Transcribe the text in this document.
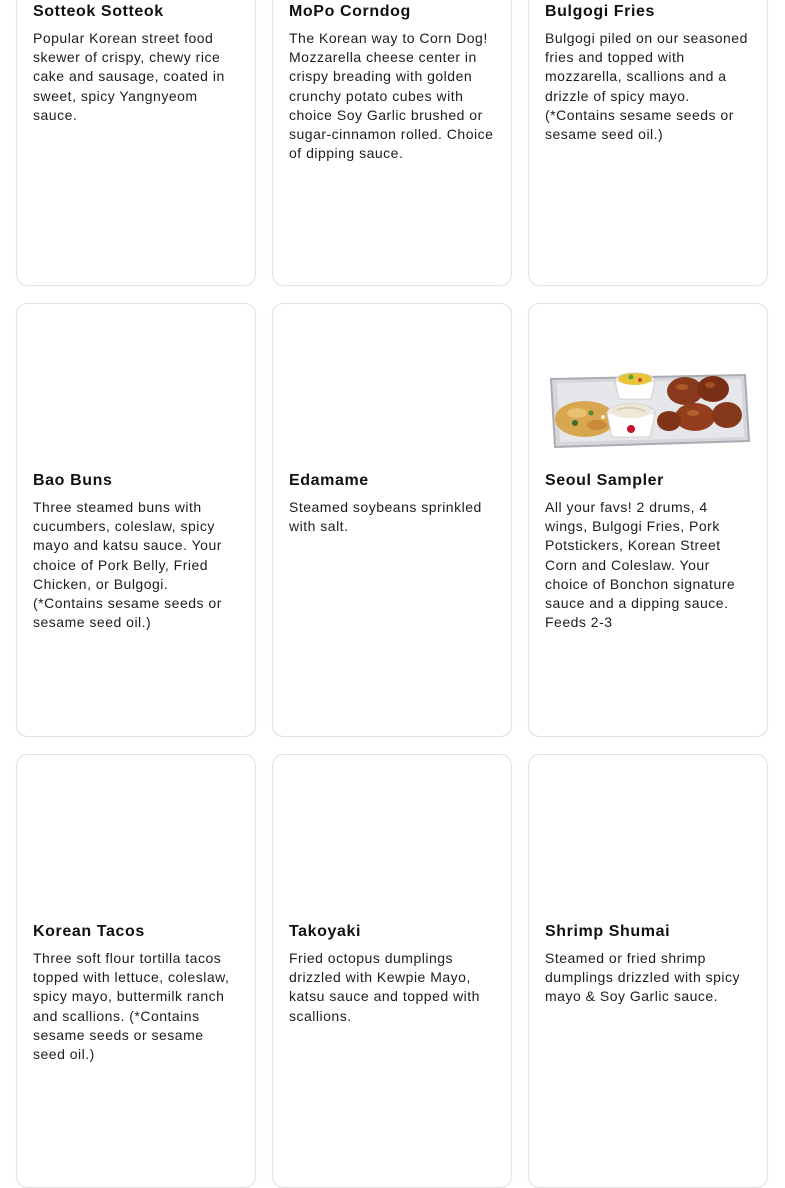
Sotteok Sotteok

Popular Korean street food skewer of crispy, chewy rice cake and sausage, coated in sweet, spicy Yangnyeom sauce.

MoPo Corndog

The Korean way to Corn Dog! Mozzarella cheese center in crispy breading with golden crunchy potato cubes with choice Soy Garlic brushed or sugar-cinnamon rolled. Choice of dipping sauce.

Bulgogi Fries

Bulgogi piled on our seasoned fries and topped with mozzarella, scallions and a drizzle of spicy mayo. (*Contains sesame seeds or sesame seed oil.)

Bao Buns

Three steamed buns with cucumbers, coleslaw, spicy mayo and katsu sauce. Your choice of Pork Belly, Fried Chicken, or Bulgogi. (*Contains sesame seeds or sesame seed oil.)

Edamame

Steamed soybeans sprinkled with salt.

Seoul Sampler

All your favs! 2 drums, 4 wings, Bulgogi Fries, Pork Potstickers, Korean Street Corn and Coleslaw. Your choice of Bonchon signature sauce and a dipping sauce. Feeds 2-3

Korean Tacos

Three soft flour tortilla tacos topped with lettuce, coleslaw, spicy mayo, buttermilk ranch and scallions. (*Contains sesame seeds or sesame seed oil.)

Takoyaki

Fried octopus dumplings drizzled with Kewpie Mayo, katsu sauce and topped with scallions.

Shrimp Shumai

Steamed or fried shrimp dumplings drizzled with spicy mayo & Soy Garlic sauce.
